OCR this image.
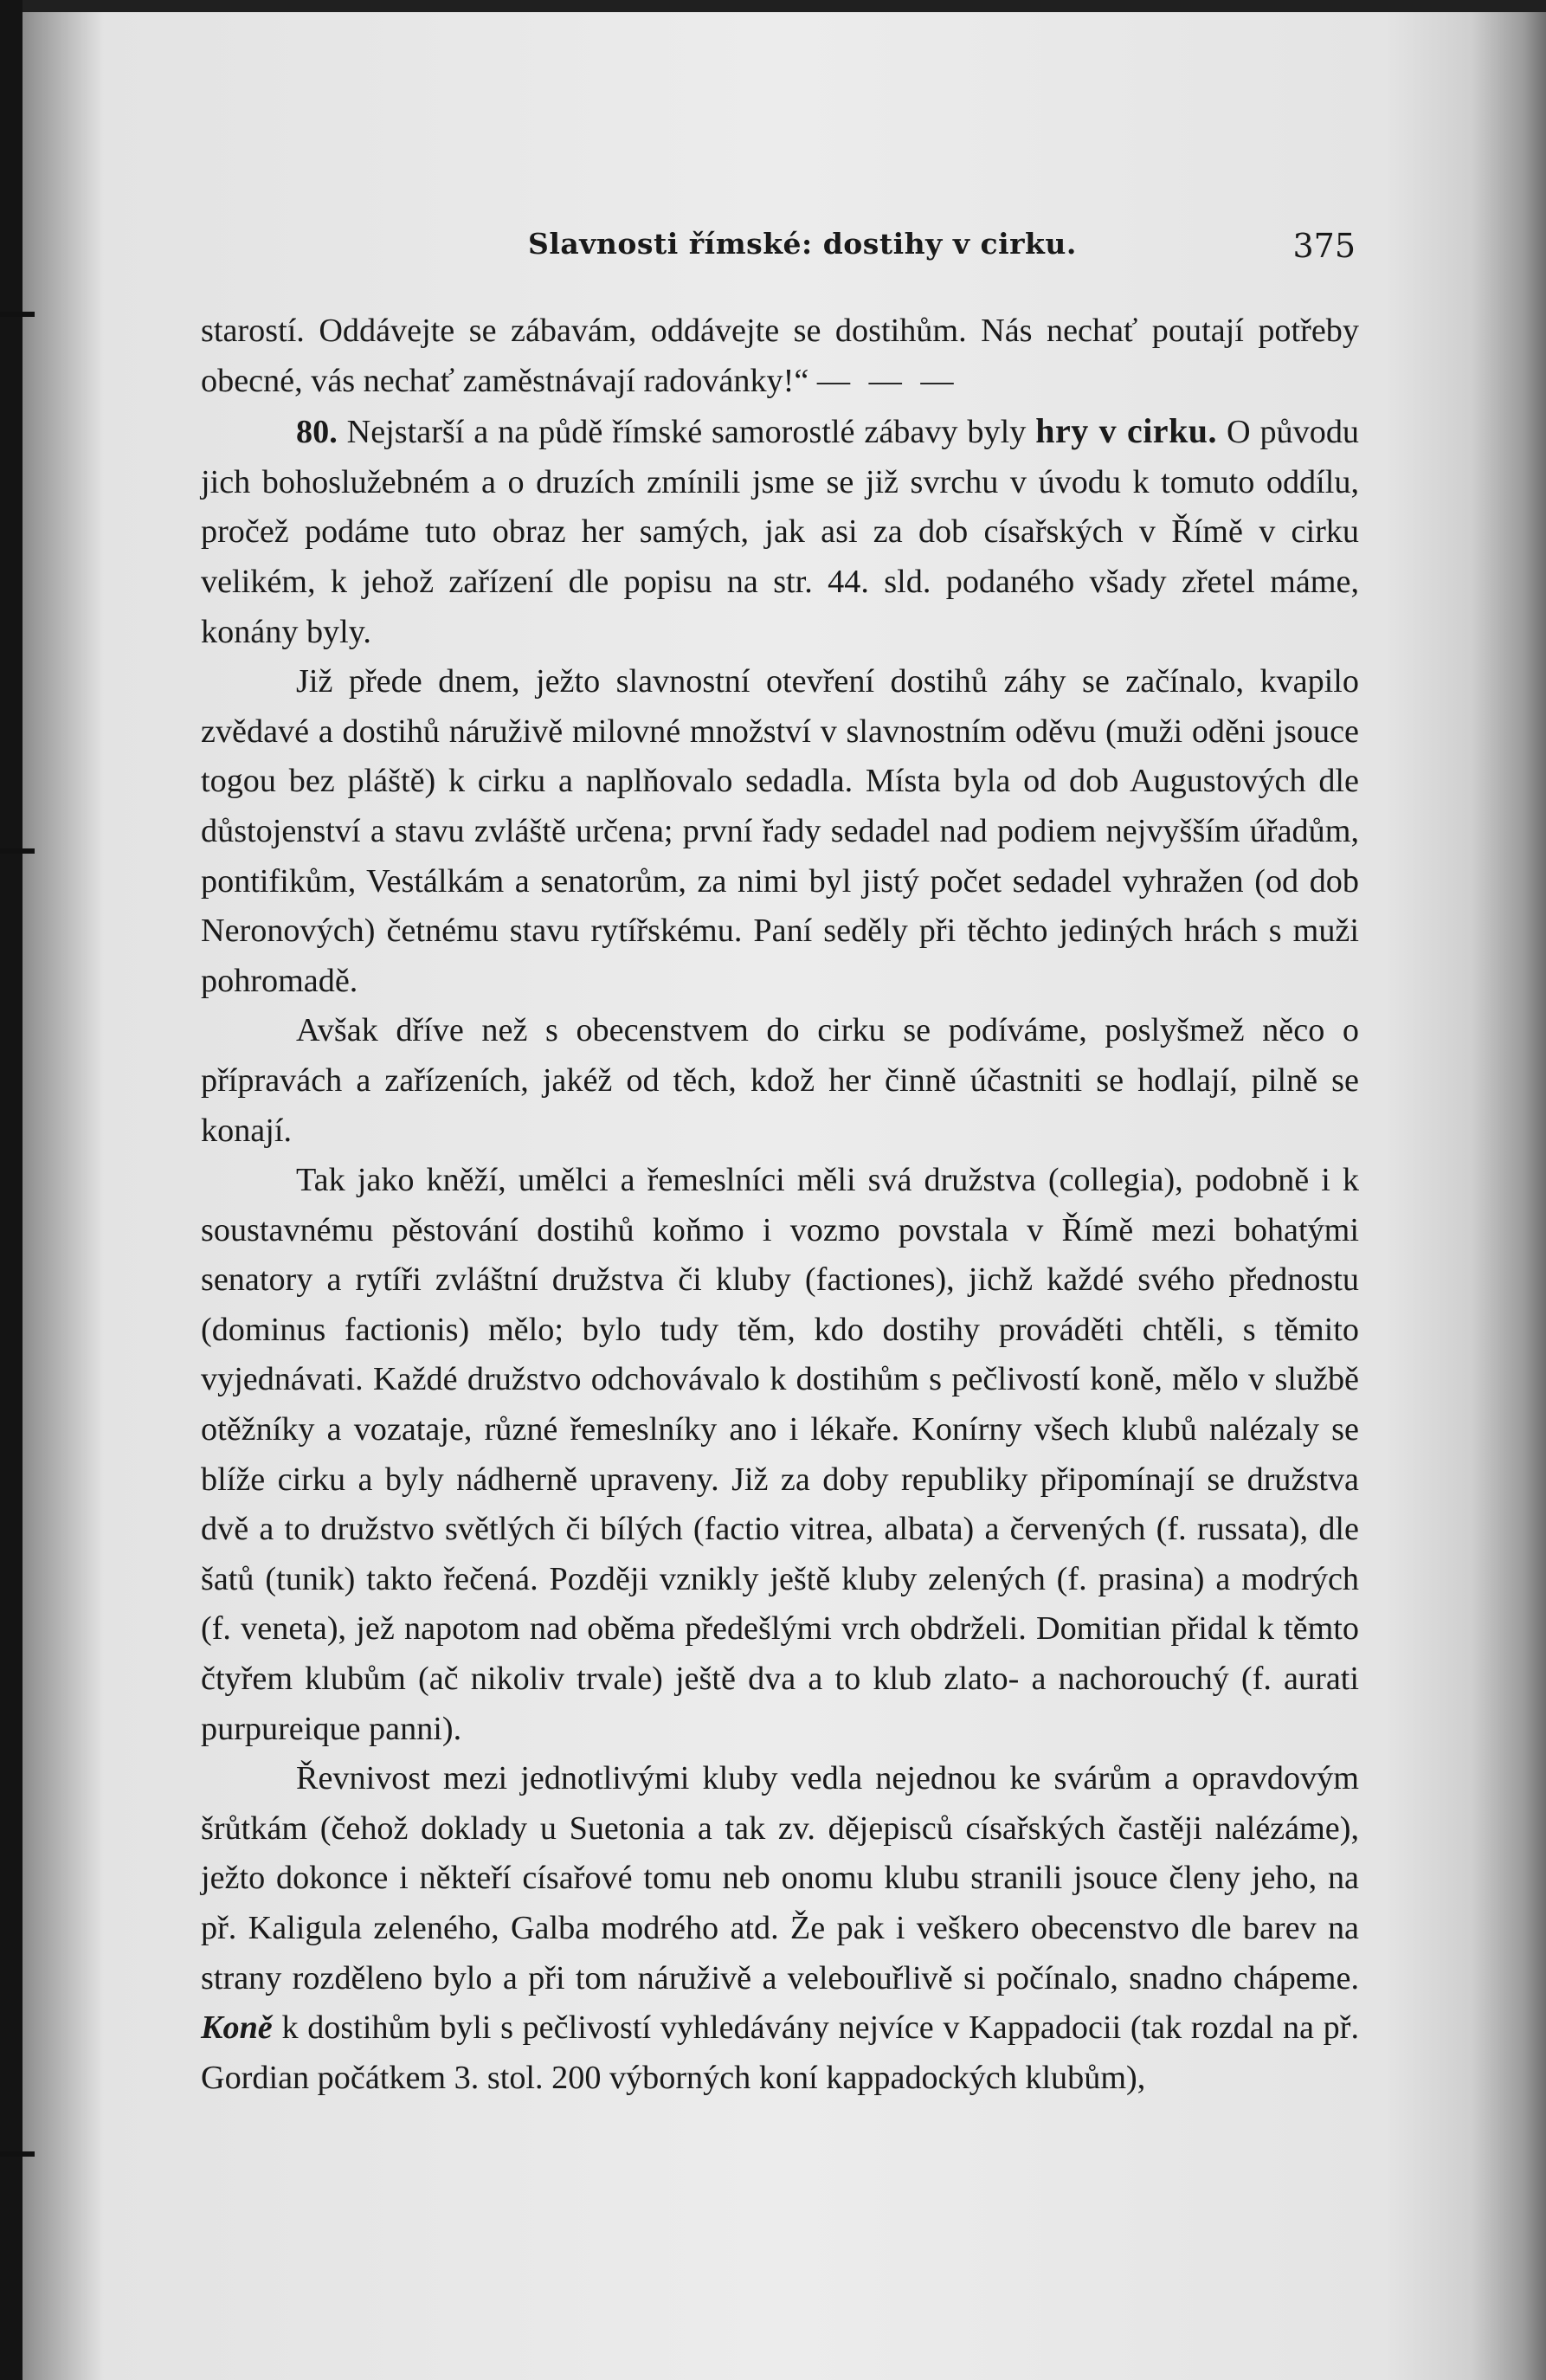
Slavnosti římské: dostihy v cirku.	375

starostí. Oddávejte se zábavám, oddávejte se dostihům. Nás nechať poutají potřeby obecné, vás nechať zaměstnávají radovánky!“ — — —

80. Nejstarší a na půdě římské samorostlé zábavy byly hry v cirku. O původu jich bohoslužebném a o druzích zmínili jsme se již svrchu v úvodu k tomuto oddílu, pročež podáme tuto obraz her samých, jak asi za dob císařských v Římě v cirku velikém, k jehož zařízení dle popisu na str. 44. sld. podaného všady zřetel máme, konány byly.

Již přede dnem, ježto slavnostní otevření dostihů záhy se začínalo, kvapilo zvědavé a dostihů náruživě milovné množství v slavnostním oděvu (muži oděni jsouce togou bez pláště) k cirku a naplňovalo sedadla. Místa byla od dob Augustových dle důstojenství a stavu zvláště určena; první řady sedadel nad podiem nejvyšším úřadům, pontifikům, Vestálkám a senatorům, za nimi byl jistý počet sedadel vyhražen (od dob Neronových) četnému stavu rytířskému. Paní seděly při těchto jediných hrách s muži pohromadě.

Avšak dříve než s obecenstvem do cirku se podíváme, poslyšmež něco o přípravách a zařízeních, jakéž od těch, kdož her činně účastniti se hodlají, pilně se konají.

Tak jako kněží, umělci a řemeslníci měli svá družstva (collegia), podobně i k soustavnému pěstování dostihů koňmo i vozmo povstala v Římě mezi bohatými senatory a rytíři zvláštní družstva či kluby (factiones), jichž každé svého přednostu (dominus factionis) mělo; bylo tudy těm, kdo dostihy prováděti chtěli, s těmito vyjednávati. Každé družstvo odchovávalo k dostihům s pečlivostí koně, mělo v službě otěžníky a vozataje, různé řemeslníky ano i lékaře. Konírny všech klubů nalézaly se blíže cirku a byly nádherně upraveny. Již za doby republiky připomínají se družstva dvě a to družstvo světlých či bílých (factio vitrea, albata) a červených (f. russata), dle šatů (tunik) takto řečená. Později vznikly ještě kluby zelených (f. prasina) a modrých (f. veneta), jež napotom nad oběma předešlými vrch obdrželi. Domitian přidal k těmto čtyřem klubům (ač nikoliv trvale) ještě dva a to klub zlato- a nachorouchý (f. aurati purpureique panni).

Řevnivost mezi jednotlivými kluby vedla nejednou ke svárům a opravdovým šrůtkám (čehož doklady u Suetonia a tak zv. dějepisců císařských častěji nalézáme), ježto dokonce i někteří císařové tomu neb onomu klubu stranili jsouce členy jeho, na př. Kaligula zeleného, Galba modrého atd. Že pak i veškero obecenstvo dle barev na strany rozděleno bylo a při tom náruživě a velebouřlivě si počínalo, snadno chápeme. Koně k dostihům byli s pečlivostí vyhledávány nejvíce v Kappadocii (tak rozdal na př. Gordian počátkem 3. stol. 200 výborných koní kappadockých klubům),
